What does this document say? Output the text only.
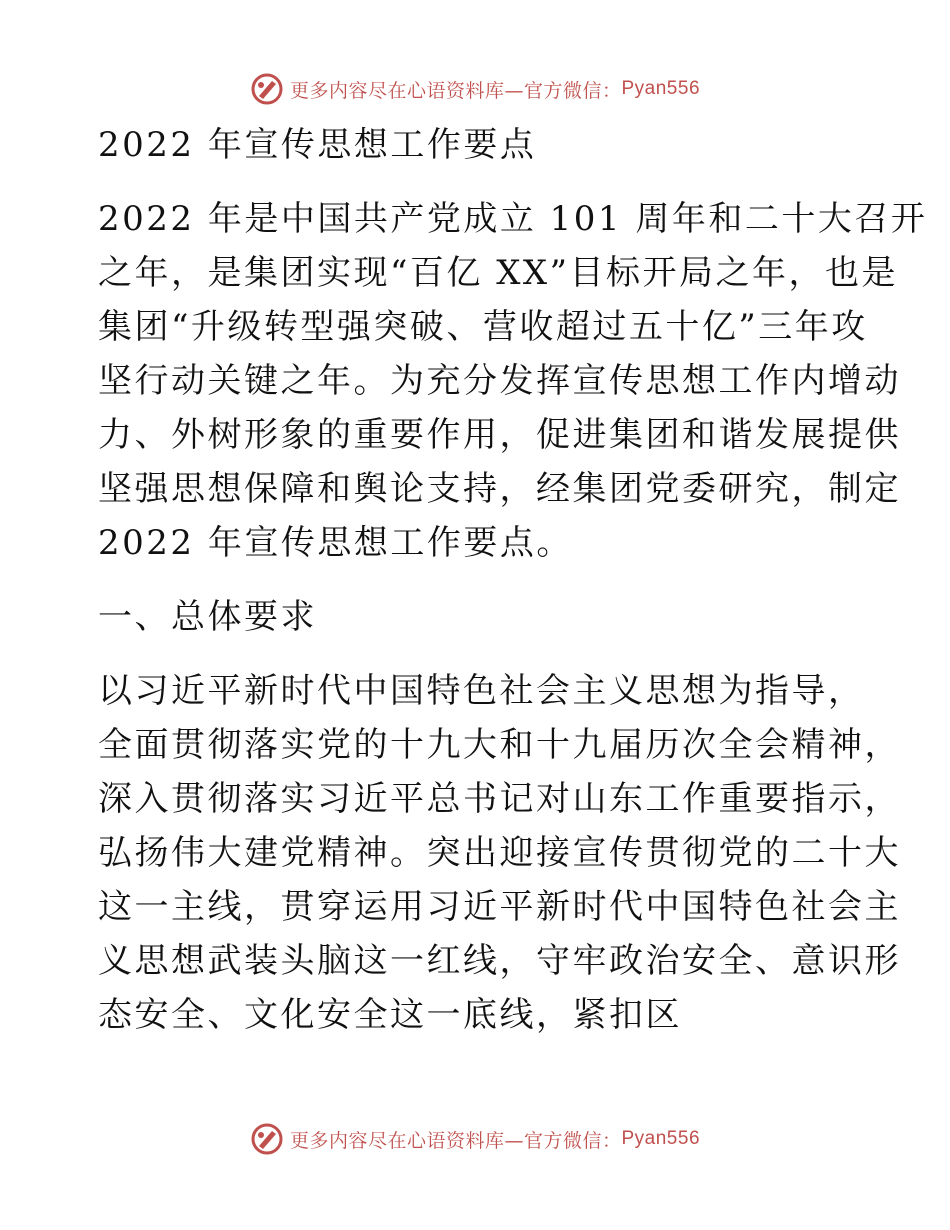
更多内容尽在心语资料库—官方微信： Pyan556
2022 年宣传思想工作要点
2022 年是中国共产党成立 101 周年和二十大召开
之年，是集团实现“百亿 XX”目标开局之年，也是
集团“升级转型强突破、营收超过五十亿”三年攻
坚行动关键之年。为充分发挥宣传思想工作内增动
力、外树形象的重要作用，促进集团和谐发展提供
坚强思想保障和舆论支持，经集团党委研究，制定
2022 年宣传思想工作要点。
一、总体要求
以习近平新时代中国特色社会主义思想为指导，
全面贯彻落实党的十九大和十九届历次全会精神，
深入贯彻落实习近平总书记对山东工作重要指示，
弘扬伟大建党精神。突出迎接宣传贯彻党的二十大
这一主线，贯穿运用习近平新时代中国特色社会主
义思想武装头脑这一红线，守牢政治安全、意识形
态安全、文化安全这一底线，紧扣区
更多内容尽在心语资料库—官方微信： Pyan556
